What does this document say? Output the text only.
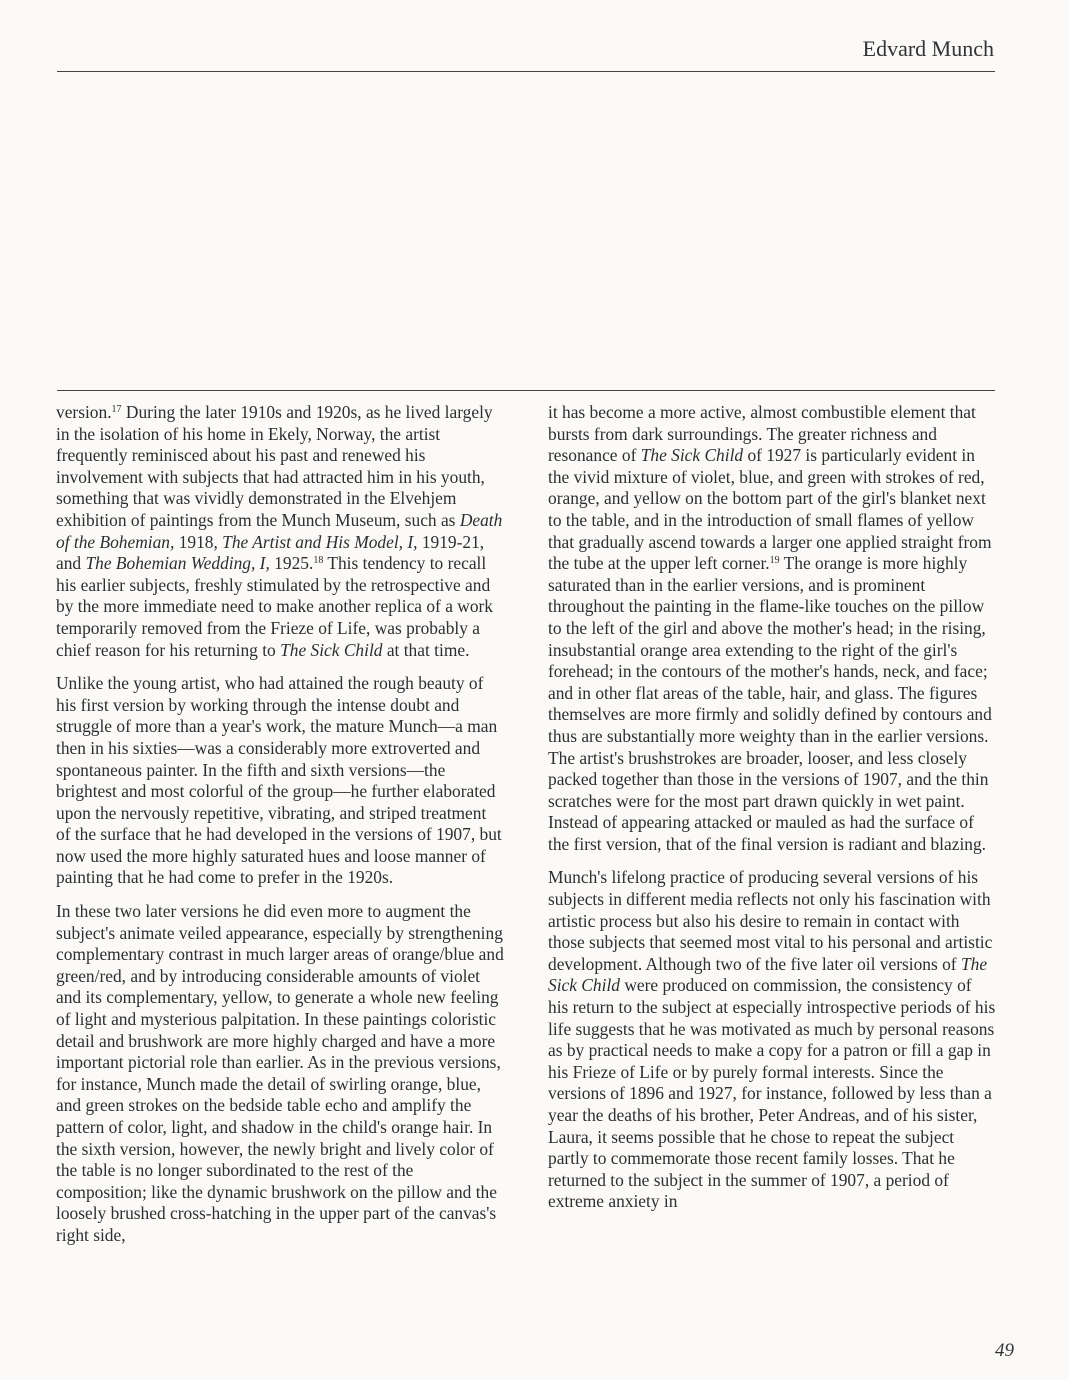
Edvard Munch

version.$^{17}$ During the later 1910s and 1920s, as he lived largely in the isolation of his home in Ekely, Norway, the artist frequently reminisced about his past and renewed his involvement with subjects that had attracted him in his youth, something that was vividly demonstrated in the Elvehjem exhibition of paintings from the Munch Museum, such as Death of the Bohemian, 1918, The Artist and His Model, I, 1919-21, and The Bohemian Wedding, I, 1925.18 This tendency to recall his earlier subjects, freshly stimulated by the retrospective and by the more immediate need to make another replica of a work temporarily removed from the Frieze of Life, was probably a chief reason for his returning to The Sick Child at that time.

Unlike the young artist, who had attained the rough beauty of his first version by working through the intense doubt and struggle of more than a year's work, the mature Munch—a man then in his sixties—was a considerably more extroverted and spontaneous painter. In the fifth and sixth versions—the brightest and most colorful of the group—he further elaborated upon the nervously repetitive, vibrating, and striped treatment of the surface that he had developed in the versions of 1907, but now used the more highly saturated hues and loose manner of painting that he had come to prefer in the 1920s.

In these two later versions he did even more to augment the subject's animate veiled appearance, especially by strengthening complementary contrast in much larger areas of orange/blue and green/red, and by introducing considerable amounts of violet and its complementary, yellow, to generate a whole new feeling of light and mysterious palpitation. In these paintings coloristic detail and brushwork are more highly charged and have a more important pictorial role than earlier. As in the previous versions, for instance, Munch made the detail of swirling orange, blue, and green strokes on the bedside table echo and amplify the pattern of color, light, and shadow in the child's orange hair. In the sixth version, however, the newly bright and lively color of the table is no longer subordinated to the rest of the composition; like the dynamic brushwork on the pillow and the loosely brushed cross-hatching in the upper part of the canvas's right side,

it has become a more active, almost combustible element that bursts from dark surroundings. The greater richness and resonance of The Sick Child of 1927 is particularly evident in the vivid mixture of violet, blue, and green with strokes of red, orange, and yellow on the bottom part of the girl's blanket next to the table, and in the introduction of small flames of yellow that gradually ascend towards a larger one applied straight from the tube at the upper left corner.$^{19}$ The orange is more highly saturated than in the earlier versions, and is prominent throughout the painting in the flame-like touches on the pillow to the left of the girl and above the mother's head; in the rising, insubstantial orange area extending to the right of the girl's forehead; in the contours of the mother's hands, neck, and face; and in other flat areas of the table, hair, and glass. The figures themselves are more firmly and solidly defined by contours and thus are substantially more weighty than in the earlier versions. The artist's brushstrokes are broader, looser, and less closely packed together than those in the versions of 1907, and the thin scratches were for the most part drawn quickly in wet paint. Instead of appearing attacked or mauled as had the surface of the first version, that of the final version is radiant and blazing.

Munch's lifelong practice of producing several versions of his subjects in different media reflects not only his fascination with artistic process but also his desire to remain in contact with those subjects that seemed most vital to his personal and artistic development. Although two of the five later oil versions of The Sick Child were produced on commission, the consistency of his return to the subject at especially introspective periods of his life suggests that he was motivated as much by personal reasons as by practical needs to make a copy for a patron or fill a gap in his Frieze of Life or by purely formal interests. Since the versions of 1896 and 1927, for instance, followed by less than a year the deaths of his brother, Peter Andreas, and of his sister, Laura, it seems possible that he chose to repeat the subject partly to commemorate those recent family losses. That he returned to the subject in the summer of 1907, a period of extreme anxiety in

49
